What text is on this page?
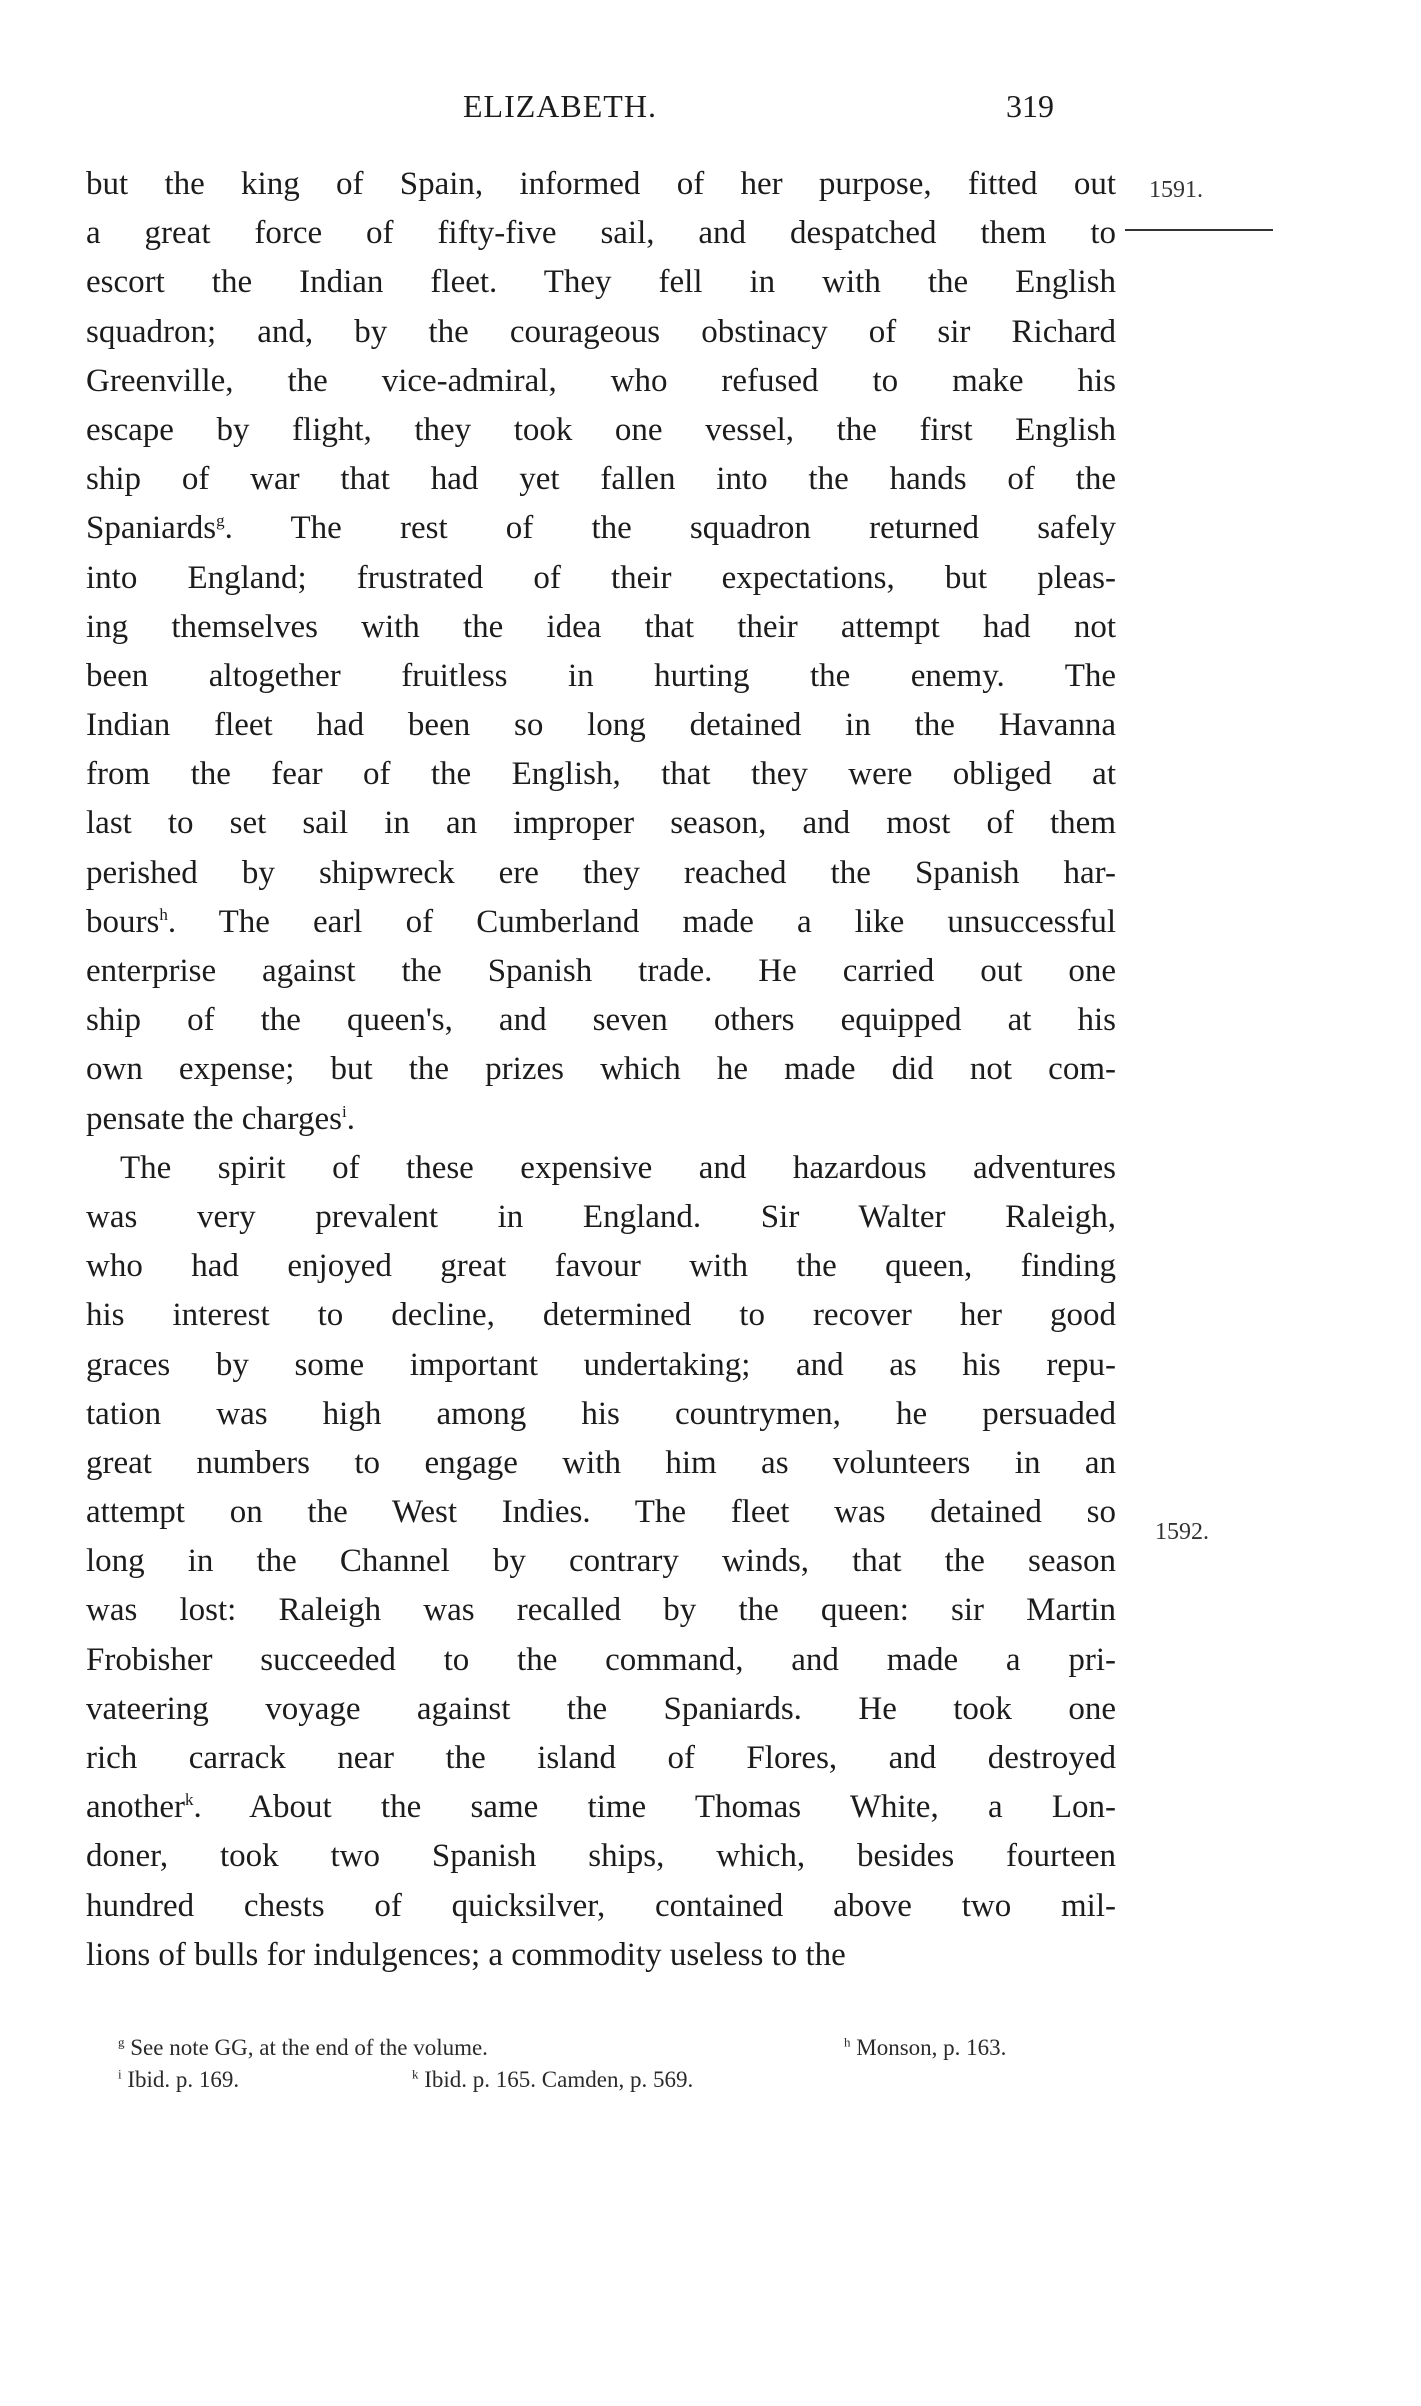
ELIZABETH.	319
1591.
1592.
but the king of Spain, informed of her purpose, fitted out
a great force of fifty-five sail, and despatched them to
escort the Indian fleet. They fell in with the English
squadron; and, by the courageous obstinacy of sir Richard
Greenville, the vice-admiral, who refused to make his
escape by flight, they took one vessel, the first English
ship of war that had yet fallen into the hands of the
Spaniards$^g$. The rest of the squadron returned safely
into England; frustrated of their expectations, but pleas-
ing themselves with the idea that their attempt had not
been altogether fruitless in hurting the enemy. The
Indian fleet had been so long detained in the Havanna
from the fear of the English, that they were obliged at
last to set sail in an improper season, and most of them
perished by shipwreck ere they reached the Spanish har-
bours$^h$. The earl of Cumberland made a like unsuccessful
enterprise against the Spanish trade. He carried out one
ship of the queen's, and seven others equipped at his
own expense; but the prizes which he made did not com-
pensate the charges$^i$.
The spirit of these expensive and hazardous adventures
was very prevalent in England. Sir Walter Raleigh,
who had enjoyed great favour with the queen, finding
his interest to decline, determined to recover her good
graces by some important undertaking; and as his repu-
tation was high among his countrymen, he persuaded
great numbers to engage with him as volunteers in an
attempt on the West Indies. The fleet was detained so
long in the Channel by contrary winds, that the season
was lost: Raleigh was recalled by the queen: sir Martin
Frobisher succeeded to the command, and made a pri-
vateering voyage against the Spaniards. He took one
rich carrack near the island of Flores, and destroyed
another$^k$. About the same time Thomas White, a Lon-
doner, took two Spanish ships, which, besides fourteen
hundred chests of quicksilver, contained above two mil-
lions of bulls for indulgences; a commodity useless to the
$^g$ See note GG, at the end of the volume.	$^h$ Monson, p. 163.
$^i$ Ibid. p. 169.	$^k$ Ibid. p. 165. Camden, p. 569.
